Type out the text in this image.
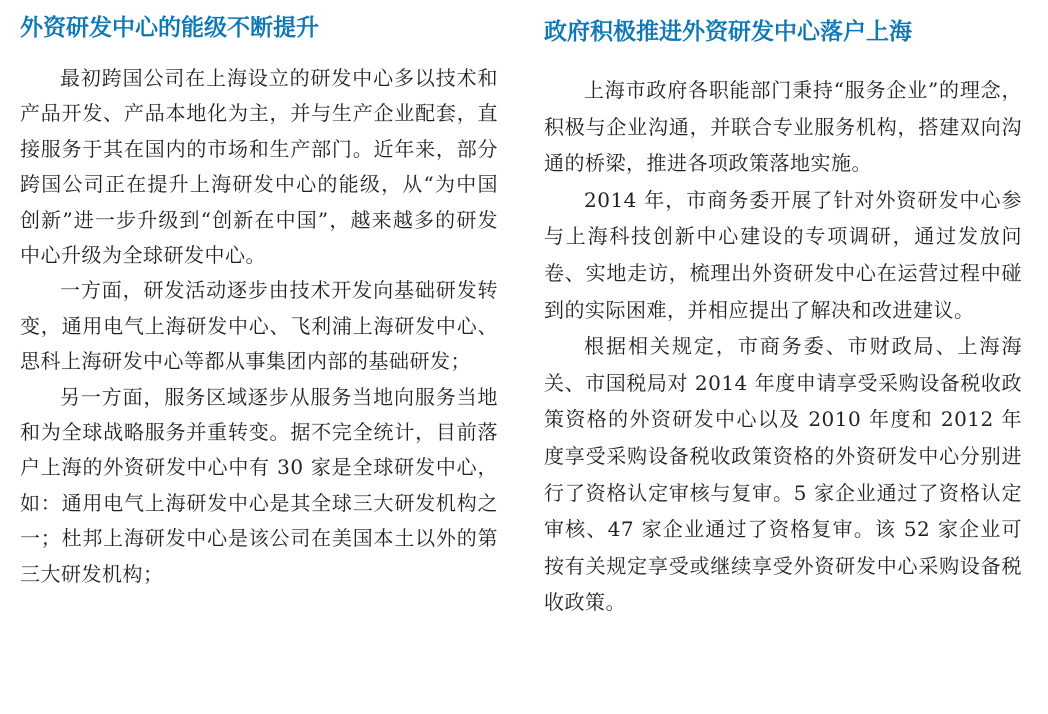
外资研发中心的能级不断提升

最初跨国公司在上海设立的研发中心多以技术和产品开发、产品本地化为主，并与生产企业配套，直接服务于其在国内的市场和生产部门。近年来，部分跨国公司正在提升上海研发中心的能级，从“为中国创新”进一步升级到“创新在中国”，越来越多的研发中心升级为全球研发中心。

一方面，研发活动逐步由技术开发向基础研发转变，通用电气上海研发中心、飞利浦上海研发中心、思科上海研发中心等都从事集团内部的基础研发；

另一方面，服务区域逐步从服务当地向服务当地和为全球战略服务并重转变。据不完全统计，目前落户上海的外资研发中心中有 30 家是全球研发中心，如：通用电气上海研发中心是其全球三大研发机构之一；杜邦上海研发中心是该公司在美国本土以外的第三大研发机构；

政府积极推进外资研发中心落户上海

上海市政府各职能部门秉持“服务企业”的理念，积极与企业沟通，并联合专业服务机构，搭建双向沟通的桥梁，推进各项政策落地实施。

2014 年，市商务委开展了针对外资研发中心参与上海科技创新中心建设的专项调研，通过发放问卷、实地走访，梳理出外资研发中心在运营过程中碰到的实际困难，并相应提出了解决和改进建议。

根据相关规定，市商务委、市财政局、上海海关、市国税局对 2014 年度申请享受采购设备税收政策资格的外资研发中心以及 2010 年度和 2012 年度享受采购设备税收政策资格的外资研发中心分别进行了资格认定审核与复审。5 家企业通过了资格认定审核、47 家企业通过了资格复审。该 52 家企业可按有关规定享受或继续享受外资研发中心采购设备税收政策。
